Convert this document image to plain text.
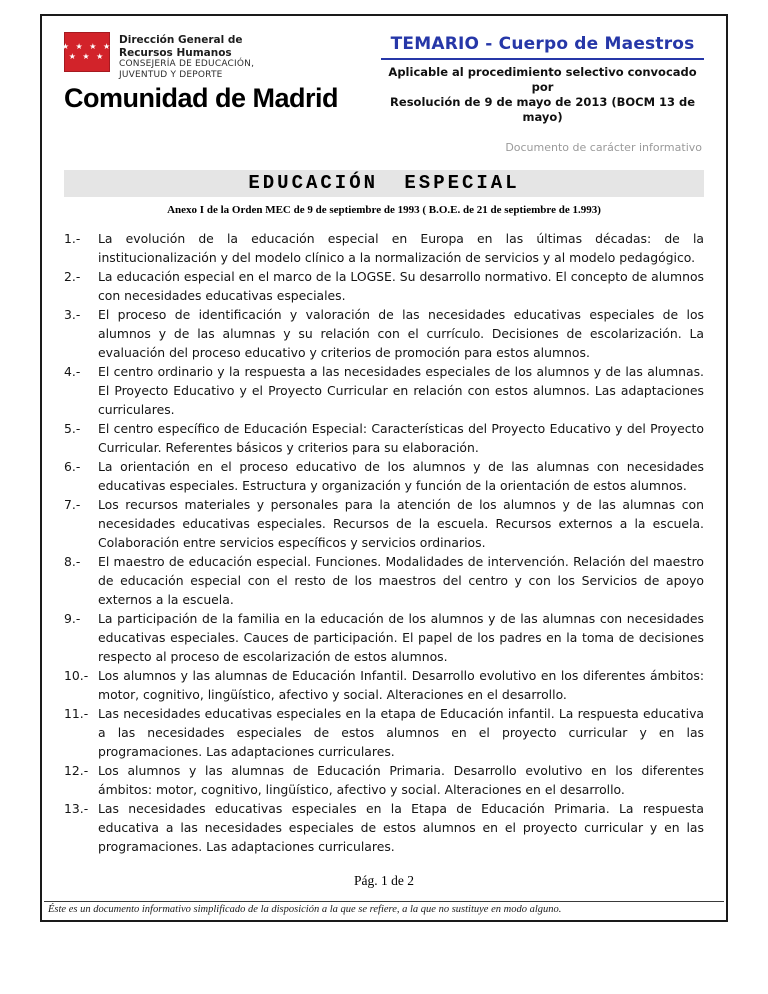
★ ★ ★ ★
★ ★ ★
Dirección General de
Recursos Humanos
CONSEJERÍA DE EDUCACIÓN,
JUVENTUD Y DEPORTE
Comunidad de Madrid
TEMARIO - Cuerpo de Maestros
Aplicable al procedimiento selectivo convocado por
Resolución de 9 de mayo de 2013 (BOCM 13 de mayo)
Documento de carácter informativo
EDUCACIÓN ESPECIAL
Anexo I de la Orden MEC de 9 de septiembre de 1993 ( B.O.E. de 21 de septiembre de 1.993)
1.-	La evolución de la educación especial en Europa en las últimas décadas: de la institucionalización y del modelo clínico a la normalización de servicios y al modelo pedagógico.
2.-	La educación especial en el marco de la LOGSE. Su desarrollo normativo. El concepto de alumnos con necesidades educativas especiales.
3.-	El proceso de identificación y valoración de las necesidades educativas especiales de los alumnos y de las alumnas y su relación con el currículo. Decisiones de escolarización. La evaluación del proceso educativo y criterios de promoción para estos alumnos.
4.-	El centro ordinario y la respuesta a las necesidades especiales de los alumnos y de las alumnas. El Proyecto Educativo y el Proyecto Curricular en relación con estos alumnos. Las adaptaciones curriculares.
5.-	El centro específico de Educación Especial: Características del Proyecto Educativo y del Proyecto Curricular. Referentes básicos y criterios para su elaboración.
6.-	La orientación en el proceso educativo de los alumnos y de las alumnas con necesidades educativas especiales. Estructura y organización y función de la orientación de estos alumnos.
7.-	Los recursos materiales y personales para la atención de los alumnos y de las alumnas con necesidades educativas especiales. Recursos de la escuela. Recursos externos a la escuela. Colaboración entre servicios específicos y servicios ordinarios.
8.-	El maestro de educación especial. Funciones. Modalidades de intervención. Relación del maestro de educación especial con el resto de los maestros del centro y con los Servicios de apoyo externos a la escuela.
9.-	La participación de la familia en la educación de los alumnos y de las alumnas con necesidades educativas especiales. Cauces de participación. El papel de los padres en la toma de decisiones respecto al proceso de escolarización de estos alumnos.
10.- Los alumnos y las alumnas de Educación Infantil. Desarrollo evolutivo en los diferentes ámbitos: motor, cognitivo, lingüístico, afectivo y social. Alteraciones en el desarrollo.
11.- Las necesidades educativas especiales en la etapa de Educación infantil. La respuesta educativa a las necesidades especiales de estos alumnos en el proyecto curricular y en las programaciones. Las adaptaciones curriculares.
12.- Los alumnos y las alumnas de Educación Primaria. Desarrollo evolutivo en los diferentes ámbitos: motor, cognitivo, lingüístico, afectivo y social. Alteraciones en el desarrollo.
13.- Las necesidades educativas especiales en la Etapa de Educación Primaria. La respuesta educativa a las necesidades especiales de estos alumnos en el proyecto curricular y en las programaciones. Las adaptaciones curriculares.
Pág. 1 de 2
Éste es un documento informativo simplificado de la disposición a la que se refiere, a la que no sustituye en modo alguno.
